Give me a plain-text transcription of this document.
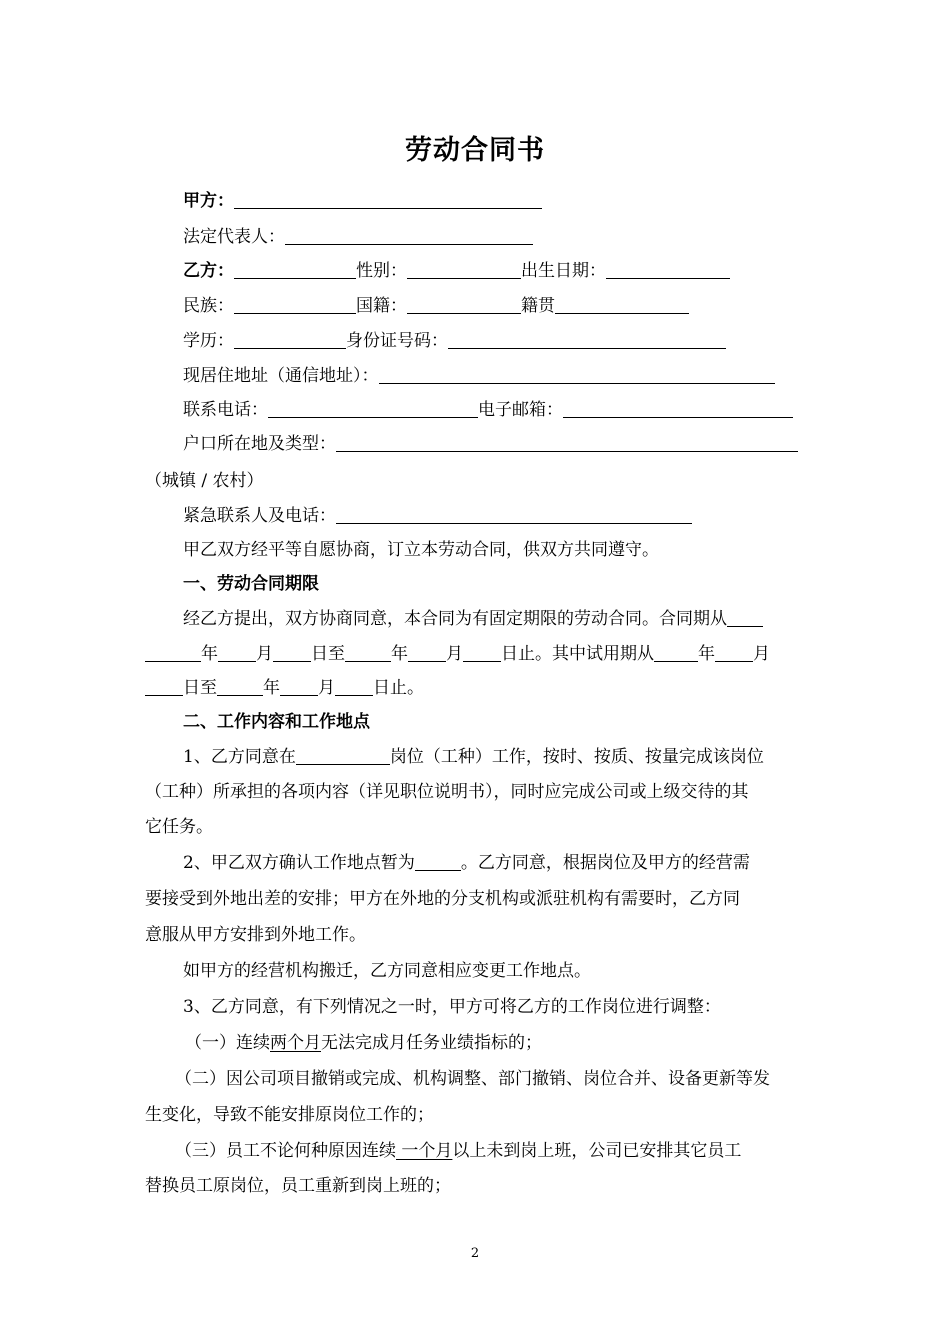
劳动合同书
甲方：
法定代表人：
乙方：	性别：	出生日期：
民族：	国籍：	籍贯
学历：	身份证号码：
现居住地址（通信地址）：
联系电话：	电子邮箱：
户口所在地及类型：
（城镇 / 农村）
紧急联系人及电话：
甲乙双方经平等自愿协商，订立本劳动合同，供双方共同遵守。
一、劳动合同期限
经乙方提出，双方协商同意，本合同为有固定期限的劳动合同。合同期从
年 月 日至	年 月 日止。其中试用期从	年 月
日至	年 月 日止。
二、工作内容和工作地点
1、乙方同意在	岗位（工种）工作，按时、按质、按量完成该岗位
（工种）所承担的各项内容（详见职位说明书），同时应完成公司或上级交待的其
它任务。
2、甲乙双方确认工作地点暂为	。乙方同意，根据岗位及甲方的经营需
要接受到外地出差的安排；甲方在外地的分支机构或派驻机构有需要时，乙方同
意服从甲方安排到外地工作。
如甲方的经营机构搬迁，乙方同意相应变更工作地点。
3、乙方同意，有下列情况之一时，甲方可将乙方的工作岗位进行调整：
（一）连续两个月无法完成月任务业绩指标的；
（二）因公司项目撤销或完成、机构调整、部门撤销、岗位合并、设备更新等发
生变化，导致不能安排原岗位工作的；
（三）员工不论何种原因连续 一个月以上未到岗上班，公司已安排其它员工
替换员工原岗位，员工重新到岗上班的；
2
